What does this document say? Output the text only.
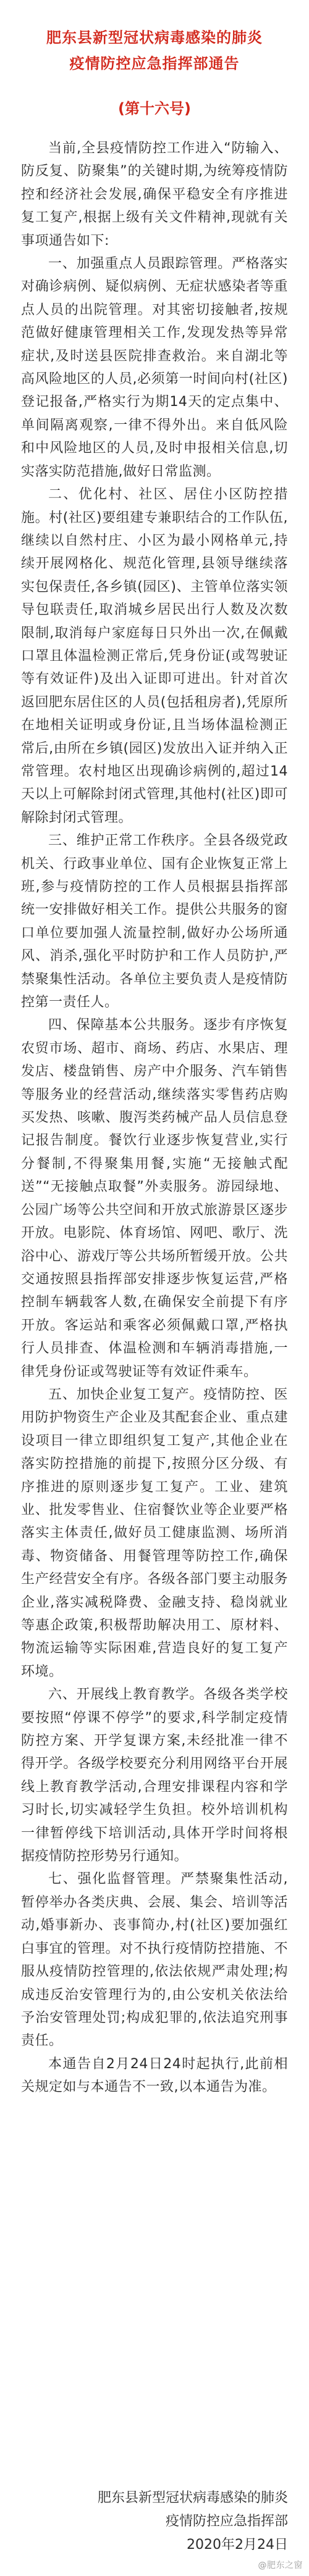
肥东县新型冠状病毒感染的肺炎
疫情防控应急指挥部通告
(第十六号)

当前,全县疫情防控工作进入“防输入、防反复、防聚集”的关键时期,为统筹疫情防控和经济社会发展,确保平稳安全有序推进复工复产,根据上级有关文件精神,现就有关事项通告如下:

一、加强重点人员跟踪管理。严格落实对确诊病例、疑似病例、无症状感染者等重点人员的出院管理。对其密切接触者,按规范做好健康管理相关工作,发现发热等异常症状,及时送县医院排查救治。来自湖北等高风险地区的人员,必须第一时间向村(社区)登记报备,严格实行为期14天的定点集中、单间隔离观察,一律不得外出。来自低风险和中风险地区的人员,及时申报相关信息,切实落实防范措施,做好日常监测。

二、优化村、社区、居住小区防控措施。村(社区)要组建专兼职结合的工作队伍,继续以自然村庄、小区为最小网格单元,持续开展网格化、规范化管理,县领导继续落实包保责任,各乡镇(园区)、主管单位落实领导包联责任,取消城乡居民出行人数及次数限制,取消每户家庭每日只外出一次,在佩戴口罩且体温检测正常后,凭身份证(或驾驶证等有效证件)及出入证即可进出。针对首次返回肥东居住区的人员(包括租房者),凭原所在地相关证明或身份证,且当场体温检测正常后,由所在乡镇(园区)发放出入证并纳入正常管理。农村地区出现确诊病例的,超过14天以上可解除封闭式管理,其他村(社区)即可解除封闭式管理。

三、维护正常工作秩序。全县各级党政机关、行政事业单位、国有企业恢复正常上班,参与疫情防控的工作人员根据县指挥部统一安排做好相关工作。提供公共服务的窗口单位要加强人流量控制,做好办公场所通风、消杀,强化平时防护和工作人员防护,严禁聚集性活动。各单位主要负责人是疫情防控第一责任人。

四、保障基本公共服务。逐步有序恢复农贸市场、超市、商场、药店、水果店、理发店、楼盘销售、房产中介服务、汽车销售等服务业的经营活动,继续落实零售药店购买发热、咳嗽、腹泻类药械产品人员信息登记报告制度。餐饮行业逐步恢复营业,实行分餐制,不得聚集用餐,实施“无接触式配送”“无接触点取餐”外卖服务。游园绿地、公园广场等公共空间和开放式旅游景区逐步开放。电影院、体育场馆、网吧、歌厅、洗浴中心、游戏厅等公共场所暂缓开放。公共交通按照县指挥部安排逐步恢复运营,严格控制车辆载客人数,在确保安全前提下有序开放。客运站和乘客必须佩戴口罩,严格执行人员排查、体温检测和车辆消毒措施,一律凭身份证或驾驶证等有效证件乘车。

五、加快企业复工复产。疫情防控、医用防护物资生产企业及其配套企业、重点建设项目一律立即组织复工复产,其他企业在落实防控措施的前提下,按照分区分级、有序推进的原则逐步复工复产。工业、建筑业、批发零售业、住宿餐饮业等企业要严格落实主体责任,做好员工健康监测、场所消毒、物资储备、用餐管理等防控工作,确保生产经营安全有序。各级各部门要主动服务企业,落实减税降费、金融支持、稳岗就业等惠企政策,积极帮助解决用工、原材料、物流运输等实际困难,营造良好的复工复产环境。

六、开展线上教育教学。各级各类学校要按照“停课不停学”的要求,科学制定疫情防控方案、开学复课方案,未经批准一律不得开学。各级学校要充分利用网络平台开展线上教育教学活动,合理安排课程内容和学习时长,切实减轻学生负担。校外培训机构一律暂停线下培训活动,具体开学时间将根据疫情防控形势另行通知。

七、强化监督管理。严禁聚集性活动,暂停举办各类庆典、会展、集会、培训等活动,婚事新办、丧事简办,村(社区)要加强红白事宜的管理。对不执行疫情防控措施、不服从疫情防控管理的,依法依规严肃处理;构成违反治安管理行为的,由公安机关依法给予治安管理处罚;构成犯罪的,依法追究刑事责任。

本通告自2月24日24时起执行,此前相关规定如与本通告不一致,以本通告为准。

肥东县新型冠状病毒感染的肺炎
疫情防控应急指挥部
2020年2月24日
@肥东之窗
